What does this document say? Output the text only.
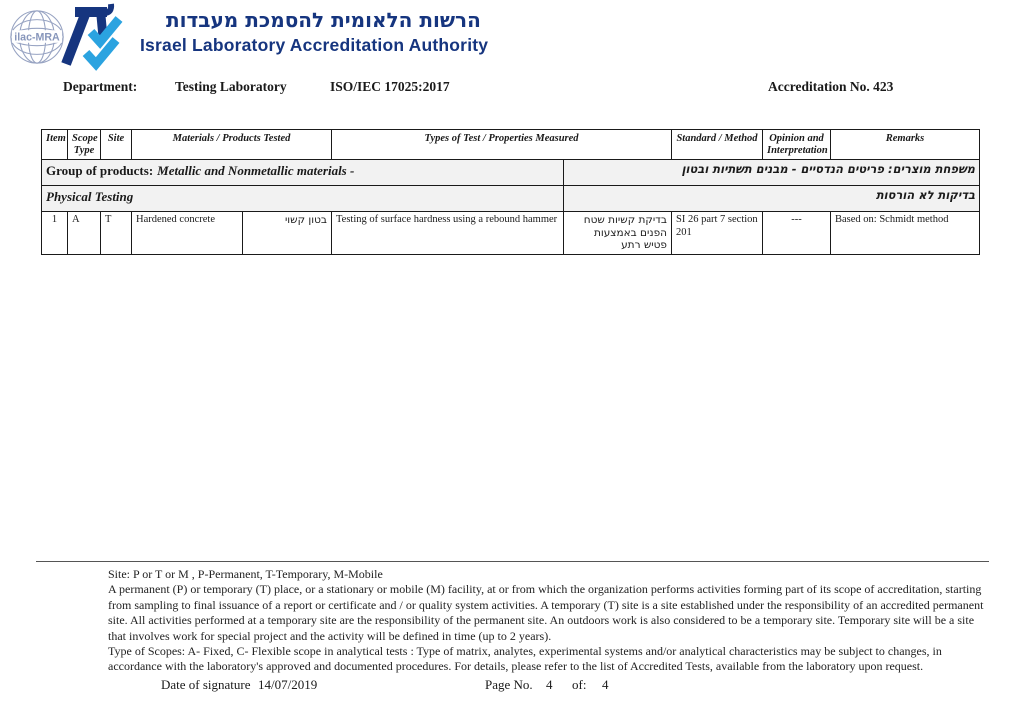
ilac-MRA
הרשות הלאומית להסמכת מעבדות
Israel Laboratory Accreditation Authority
Department:	Testing Laboratory	ISO/IEC 17025:2017	Accreditation No. 423
Item	Scope Type	Site	Materials / Products Tested		Types of Test / Properties Measured		Standard / Method	Opinion and Interpretation	Remarks
Group of products: Metallic and Nonmetallic materials -						משפחת מוצרים: פריטים הנדסיים - מבנים תשתיות ובטון			
Physical Testing						בדיקות לא הורסות			
1	A	T	Hardened concrete	בטון קשוי	Testing of surface hardness using a rebound hammer	בדיקת קשיות שטח הפנים באמצעות פטיש רתע	SI 26 part 7 section 201	---	Based on: Schmidt method
Site: P or T or M , P-Permanent, T-Temporary, M-Mobile
A permanent (P) or temporary (T) place, or a stationary or mobile (M) facility, at or from which the organization performs activities forming part of its scope of accreditation, starting from sampling to final issuance of a report or certificate and / or quality system activities. A temporary (T) site is a site established under the responsibility of an accredited permanent site. All activities performed at a temporary site are the responsibility of the permanent site. An outdoors work is also considered to be a temporary site. Temporary site will be a site that involves work for special project and the activity will be defined in time (up to 2 years).
Type of Scopes: A- Fixed, C- Flexible scope in analytical tests : Type of matrix, analytes, experimental systems and/or analytical characteristics may be subject to changes, in accordance with the laboratory's approved and documented procedures. For details, please refer to the list of Accredited Tests, available from the laboratory upon request.
Date of signature 14/07/2019	Page No. 4 of: 4
